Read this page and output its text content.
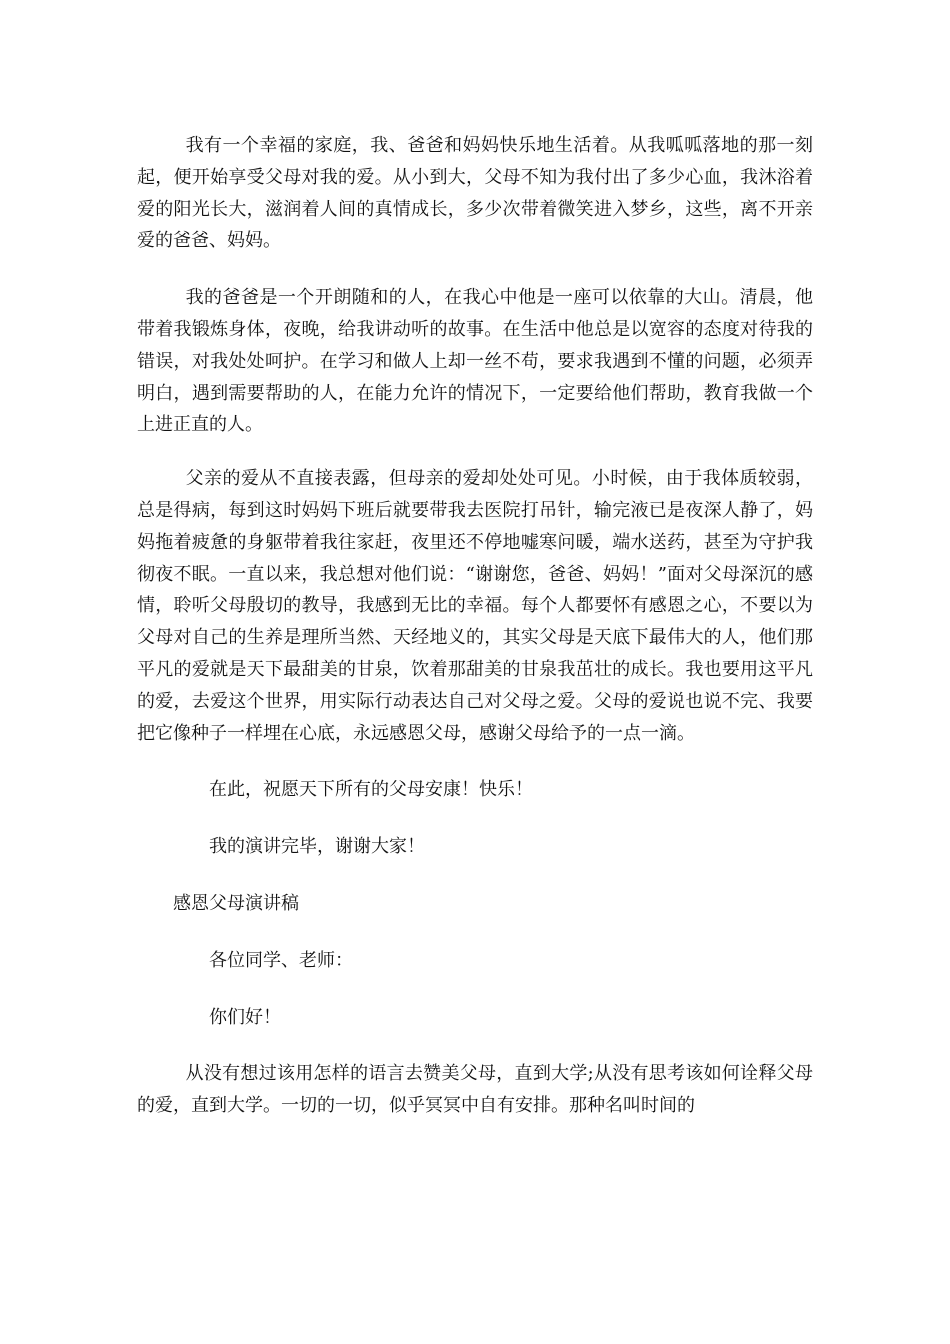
我有一个幸福的家庭，我、爸爸和妈妈快乐地生活着。从我呱呱落地的那一刻起，便开始享受父母对我的爱。从小到大，父母不知为我付出了多少心血，我沐浴着爱的阳光长大，滋润着人间的真情成长，多少次带着微笑进入梦乡，这些，离不开亲爱的爸爸、妈妈。

我的爸爸是一个开朗随和的人，在我心中他是一座可以依靠的大山。清晨，他带着我锻炼身体，夜晚，给我讲动听的故事。在生活中他总是以宽容的态度对待我的错误，对我处处呵护。在学习和做人上却一丝不苟，要求我遇到不懂的问题，必须弄明白，遇到需要帮助的人，在能力允许的情况下，一定要给他们帮助，教育我做一个上进正直的人。

父亲的爱从不直接表露，但母亲的爱却处处可见。小时候，由于我体质较弱，总是得病，每到这时妈妈下班后就要带我去医院打吊针，输完液已是夜深人静了，妈妈拖着疲惫的身躯带着我往家赶，夜里还不停地嘘寒问暖，端水送药，甚至为守护我彻夜不眠。一直以来，我总想对他们说：“谢谢您，爸爸、妈妈！”面对父母深沉的感情，聆听父母殷切的教导，我感到无比的幸福。每个人都要怀有感恩之心，不要以为父母对自己的生养是理所当然、天经地义的，其实父母是天底下最伟大的人，他们那平凡的爱就是天下最甜美的甘泉，饮着那甜美的甘泉我茁壮的成长。我也要用这平凡的爱，去爱这个世界，用实际行动表达自己对父母之爱。父母的爱说也说不完、我要把它像种子一样埋在心底，永远感恩父母，感谢父母给予的一点一滴。

在此，祝愿天下所有的父母安康！快乐！

我的演讲完毕，谢谢大家！

感恩父母演讲稿

各位同学、老师：

你们好！

从没有想过该用怎样的语言去赞美父母，直到大学;从没有思考该如何诠释父母的爱，直到大学。一切的一切，似乎冥冥中自有安排。那种名叫时间的
